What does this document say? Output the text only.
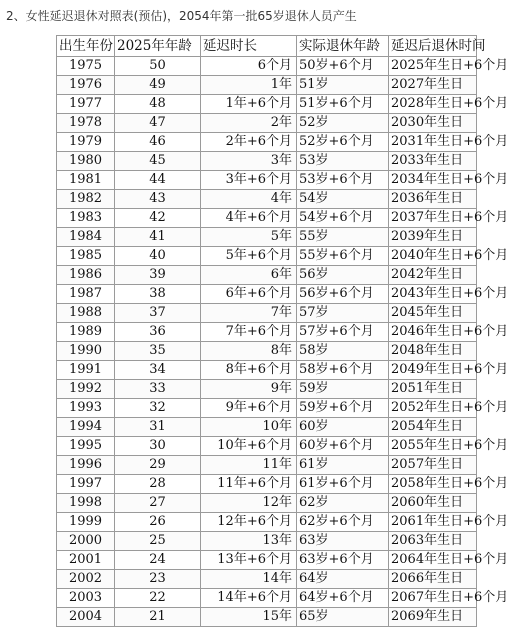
2、女性延迟退休对照表(预估)，2054年第一批65岁退休人员产生
出生年份	2025年年龄	延迟时长	实际退休年龄	延迟后退休时间
1975	50	6个月	50岁+6个月	2025年生日+6个月
1976	49	1年	51岁	2027年生日
1977	48	1年+6个月	51岁+6个月	2028年生日+6个月
1978	47	2年	52岁	2030年生日
1979	46	2年+6个月	52岁+6个月	2031年生日+6个月
1980	45	3年	53岁	2033年生日
1981	44	3年+6个月	53岁+6个月	2034年生日+6个月
1982	43	4年	54岁	2036年生日
1983	42	4年+6个月	54岁+6个月	2037年生日+6个月
1984	41	5年	55岁	2039年生日
1985	40	5年+6个月	55岁+6个月	2040年生日+6个月
1986	39	6年	56岁	2042年生日
1987	38	6年+6个月	56岁+6个月	2043年生日+6个月
1988	37	7年	57岁	2045年生日
1989	36	7年+6个月	57岁+6个月	2046年生日+6个月
1990	35	8年	58岁	2048年生日
1991	34	8年+6个月	58岁+6个月	2049年生日+6个月
1992	33	9年	59岁	2051年生日
1993	32	9年+6个月	59岁+6个月	2052年生日+6个月
1994	31	10年	60岁	2054年生日
1995	30	10年+6个月	60岁+6个月	2055年生日+6个月
1996	29	11年	61岁	2057年生日
1997	28	11年+6个月	61岁+6个月	2058年生日+6个月
1998	27	12年	62岁	2060年生日
1999	26	12年+6个月	62岁+6个月	2061年生日+6个月
2000	25	13年	63岁	2063年生日
2001	24	13年+6个月	63岁+6个月	2064年生日+6个月
2002	23	14年	64岁	2066年生日
2003	22	14年+6个月	64岁+6个月	2067年生日+6个月
2004	21	15年	65岁	2069年生日
